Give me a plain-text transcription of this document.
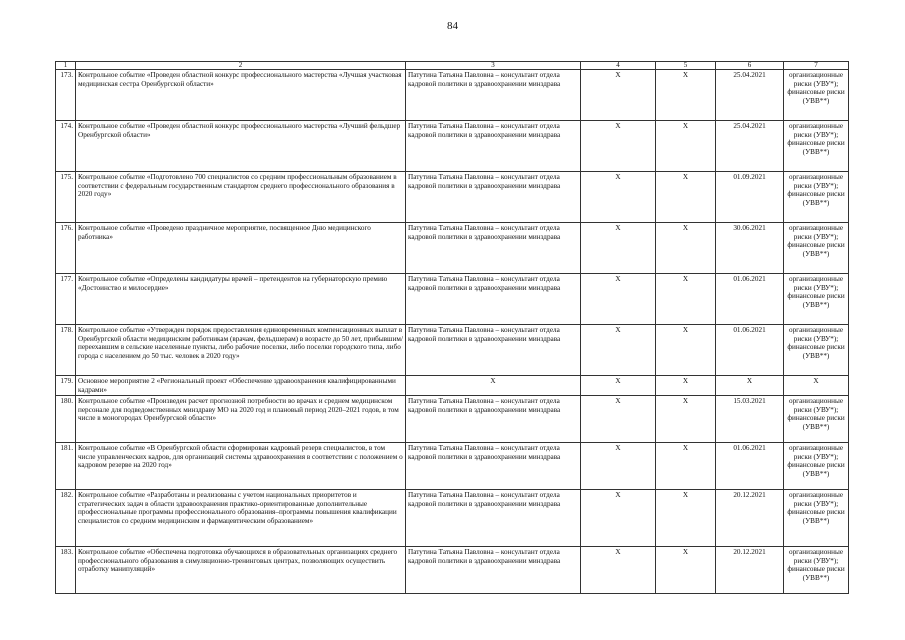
84
1	2	3	4	5	6	7
173.	Контрольное событие «Проведен областной конкурс профессионального мастерства «Лучшая участковая медицинская сестра Оренбургской области»	Патутина Татьяна Павловна – консультант отдела кадровой политики в здравоохранении минздрава	X	X	25.04.2021	организационные риски (УВУ*); финансовые риски (УВВ**)
174.	Контрольное событие «Проведен областной конкурс профессионального мастерства «Лучший фельдшер Оренбургской области»	Патутина Татьяна Павловна – консультант отдела кадровой политики в здравоохранении минздрава	X	X	25.04.2021	организационные риски (УВУ*); финансовые риски (УВВ**)
175.	Контрольное событие «Подготовлено 700 специалистов со средним профессиональным образованием в соответствии с федеральным государственным стандартом среднего профессионального образования в 2020 году»	Патутина Татьяна Павловна – консультант отдела кадровой политики в здравоохранении минздрава	X	X	01.09.2021	организационные риски (УВУ*); финансовые риски (УВВ**)
176.	Контрольное событие «Проведено праздничное мероприятие, посвященное Дню медицинского работника»	Патутина Татьяна Павловна – консультант отдела кадровой политики в здравоохранении минздрава	X	X	30.06.2021	организационные риски (УВУ*); финансовые риски (УВВ**)
177.	Контрольное событие «Определены кандидатуры врачей – претендентов на губернаторскую премию «Достоинство и милосердие»	Патутина Татьяна Павловна – консультант отдела кадровой политики в здравоохранении минздрава	X	X	01.06.2021	организационные риски (УВУ*); финансовые риски (УВВ**)
178.	Контрольное событие «Утвержден порядок предоставления единовременных компенсационных выплат в Оренбургской области медицинским работникам (врачам, фельдшерам) в возрасте до 50 лет, прибывшим/переехавшим в сельские населенные пункты, либо рабочие поселки, либо поселки городского типа, либо города с населением до 50 тыс. человек в 2020 году»	Патутина Татьяна Павловна – консультант отдела кадровой политики в здравоохранении минздрава	X	X	01.06.2021	организационные риски (УВУ*); финансовые риски (УВВ**)
179.	Основное мероприятие 2 «Региональный проект «Обеспечение здравоохранения квалифицированными кадрами»	X	X	X	X	X
180.	Контрольное событие «Произведен расчет прогнозной потребности во врачах и среднем медицинском персонале для подведомственных минздраву МО на 2020 год и плановый период 2020–2021 годов, в том числе в моногородах Оренбургской области»	Патутина Татьяна Павловна – консультант отдела кадровой политики в здравоохранении минздрава	X	X	15.03.2021	организационные риски (УВУ*); финансовые риски (УВВ**)
181.	Контрольное событие «В Оренбургской области сформирован кадровый резерв специалистов, в том числе управленческих кадров, для организаций системы здравоохранения в соответствии с положением о кадровом резерве на 2020 год»	Патутина Татьяна Павловна – консультант отдела кадровой политики в здравоохранении минздрава	X	X	01.06.2021	организационные риски (УВУ*); финансовые риски (УВВ**)
182.	Контрольное событие «Разработаны и реализованы с учетом национальных приоритетов и стратегических задач в области здравоохранения практико-ориентированные дополнительные профессиональные программы профессионального образования–программы повышения квалификации специалистов со средним медицинским и фармацевтическим образованием»	Патутина Татьяна Павловна – консультант отдела кадровой политики в здравоохранении минздрава	X	X	20.12.2021	организационные риски (УВУ*); финансовые риски (УВВ**)
183.	Контрольное событие «Обеспечена подготовка обучающихся в образовательных организациях среднего профессионального образования в симуляционно-тренинговых центрах, позволяющих осуществить отработку манипуляций»	Патутина Татьяна Павловна – консультант отдела кадровой политики в здравоохранении минздрава	X	X	20.12.2021	организационные риски (УВУ*); финансовые риски (УВВ**)
